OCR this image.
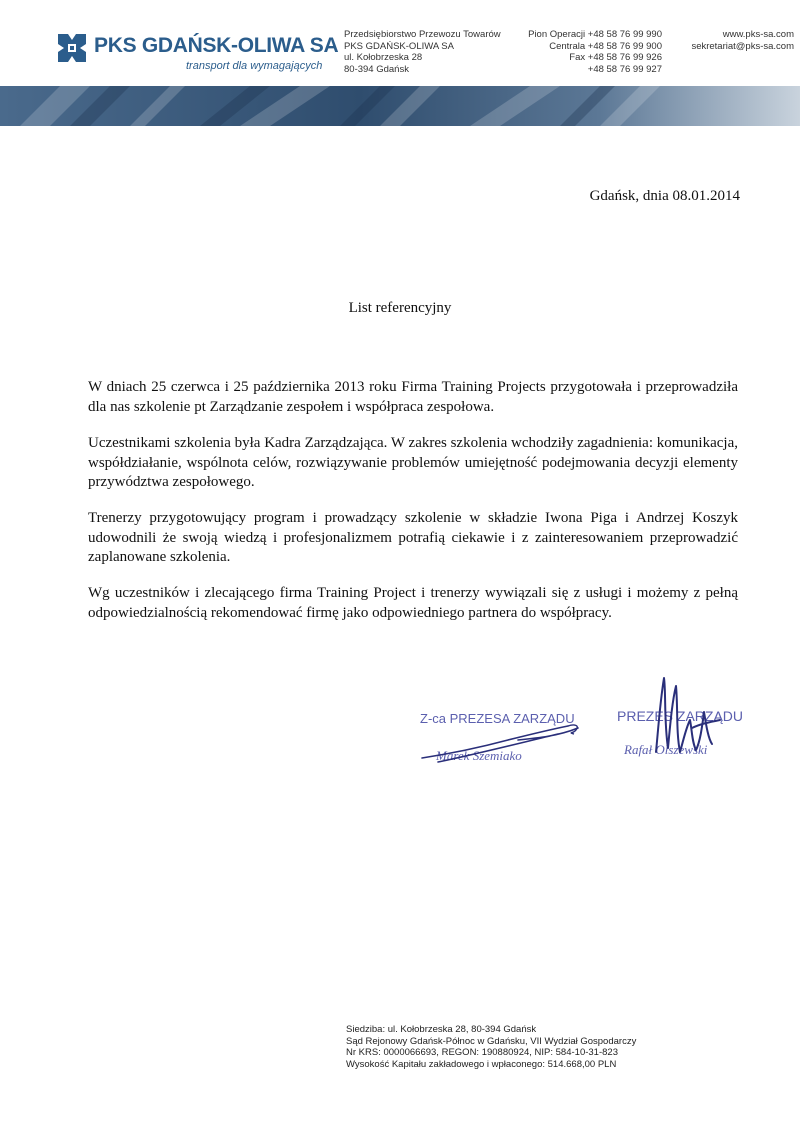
PKS GDAŃSK-OLIWA SA
transport dla wymagających
Przedsiębiorstwo Przewozu Towarów
PKS GDAŃSK-OLIWA SA
ul. Kołobrzeska 28
80-394 Gdańsk
Pion Operacji +48 58 76 99 990
Centrala +48 58 76 99 900
Fax +48 58 76 99 926
+48 58 76 99 927
www.pks-sa.com
sekretariat@pks-sa.com
Gdańsk, dnia 08.01.2014
List referencyjny

W dniach 25 czerwca i 25 października 2013 roku Firma Training Projects przygotowała i przeprowadziła dla nas szkolenie pt Zarządzanie zespołem i współpraca zespołowa.

Uczestnikami szkolenia była Kadra Zarządzająca. W zakres szkolenia wchodziły zagadnienia: komunikacja, współdziałanie, wspólnota celów, rozwiązywanie problemów umiejętność podejmowania decyzji elementy przywództwa zespołowego.

Trenerzy przygotowujący program i prowadzący szkolenie w składzie Iwona Piga i Andrzej Koszyk udowodnili że swoją wiedzą i profesjonalizmem potrafią ciekawie i z zainteresowaniem przeprowadzić zaplanowane szkolenia.

Wg uczestników i zlecającego firma Training Project i trenerzy wywiązali się z usługi i możemy z pełną odpowiedzialnością rekomendować firmę jako odpowiedniego partnera do współpracy.

Z-ca PREZESA ZARZĄDU
Marek Szemiako
PREZES ZARZĄDU
Rafał Olszewski
Siedziba: ul. Kołobrzeska 28, 80-394 Gdańsk
Sąd Rejonowy Gdańsk-Północ w Gdańsku, VII Wydział Gospodarczy
Nr KRS: 0000066693, REGON: 190880924, NIP: 584-10-31-823
Wysokość Kapitału zakładowego i wpłaconego: 514.668,00 PLN
